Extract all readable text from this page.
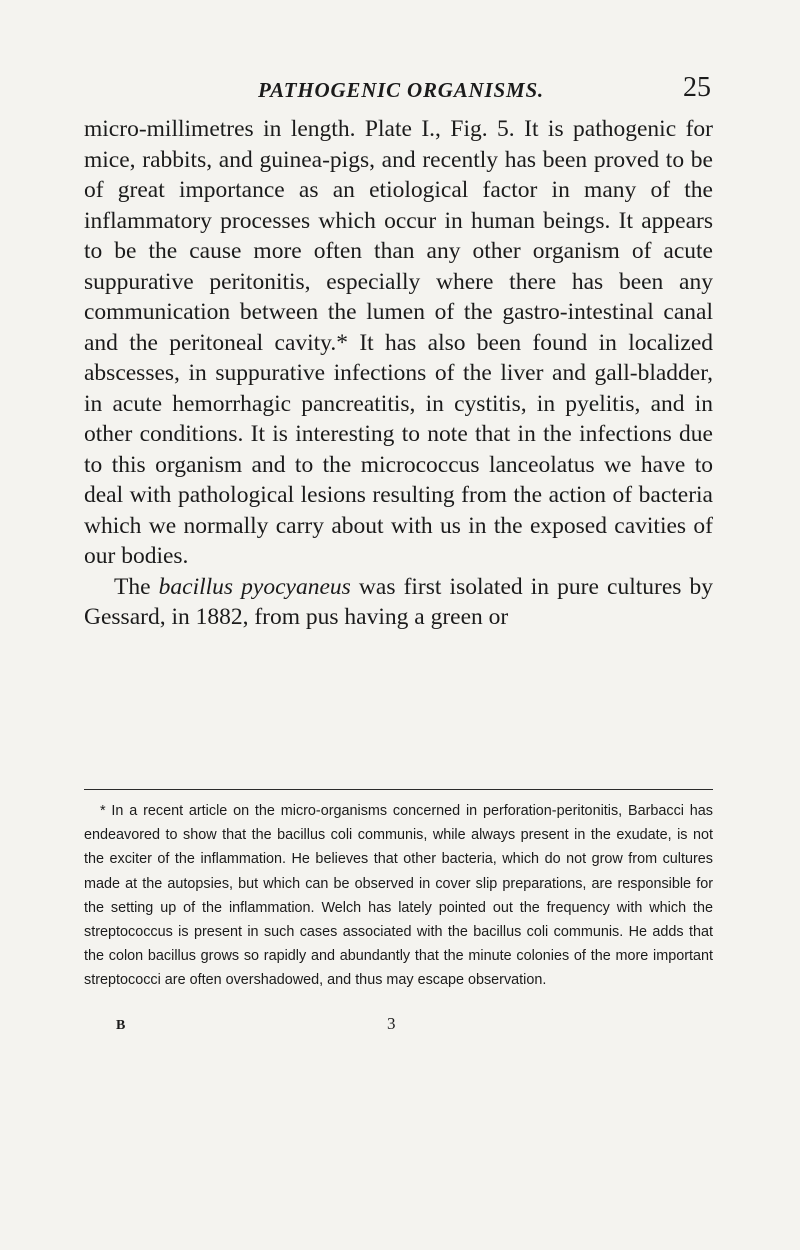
PATHOGENIC ORGANISMS.	25

micro-millimetres in length. Plate I., Fig. 5. It is pathogenic for mice, rabbits, and guinea-pigs, and recently has been proved to be of great importance as an etiological factor in many of the inflammatory processes which occur in human beings. It appears to be the cause more often than any other organism of acute suppurative peritonitis, especially where there has been any communication between the lumen of the gastro-intestinal canal and the peritoneal cavity.* It has also been found in localized abscesses, in suppurative infections of the liver and gall-bladder, in acute hemorrhagic pancreatitis, in cystitis, in pyelitis, and in other conditions. It is interesting to note that in the infections due to this organism and to the micrococcus lanceolatus we have to deal with pathological lesions resulting from the action of bacteria which we normally carry about with us in the exposed cavities of our bodies.

The bacillus pyocyaneus was first isolated in pure cultures by Gessard, in 1882, from pus having a green or

* In a recent article on the micro-organisms concerned in perforation-peritonitis, Barbacci has endeavored to show that the bacillus coli communis, while always present in the exudate, is not the exciter of the inflammation. He believes that other bacteria, which do not grow from cultures made at the autopsies, but which can be observed in cover slip preparations, are responsible for the setting up of the inflammation. Welch has lately pointed out the frequency with which the streptococcus is present in such cases associated with the bacillus coli communis. He adds that the colon bacillus grows so rapidly and abundantly that the minute colonies of the more important streptococci are often overshadowed, and thus may escape observation.

B	3
